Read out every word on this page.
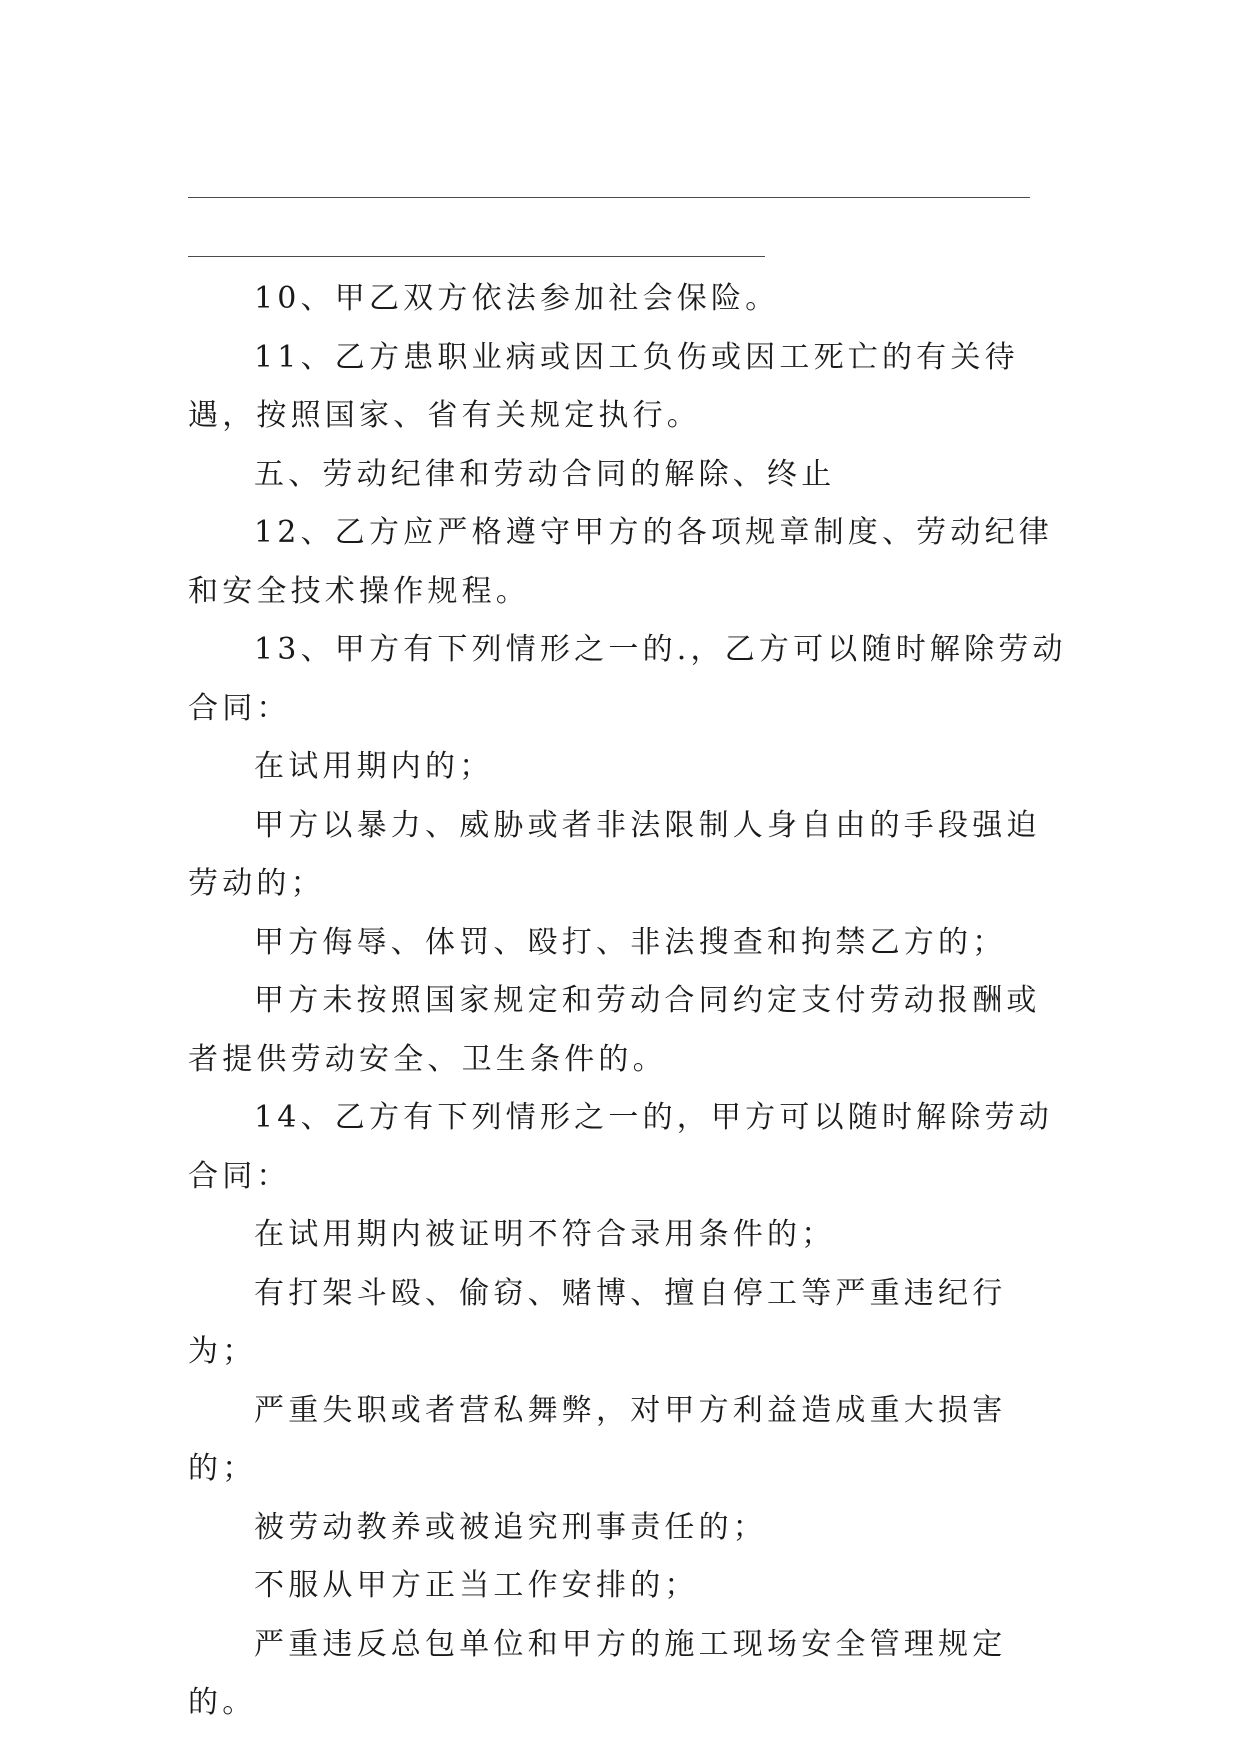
10、甲乙双方依法参加社会保险。

11、乙方患职业病或因工负伤或因工死亡的有关待遇，按照国家、省有关规定执行。

五、劳动纪律和劳动合同的解除、终止

12、乙方应严格遵守甲方的各项规章制度、劳动纪律和安全技术操作规程。

13、甲方有下列情形之一的.，乙方可以随时解除劳动合同：

在试用期内的；

甲方以暴力、威胁或者非法限制人身自由的手段强迫劳动的；

甲方侮辱、体罚、殴打、非法搜查和拘禁乙方的；

甲方未按照国家规定和劳动合同约定支付劳动报酬或者提供劳动安全、卫生条件的。

14、乙方有下列情形之一的，甲方可以随时解除劳动合同：

在试用期内被证明不符合录用条件的；

有打架斗殴、偷窃、赌博、擅自停工等严重违纪行为；

严重失职或者营私舞弊，对甲方利益造成重大损害的；

被劳动教养或被追究刑事责任的；

不服从甲方正当工作安排的；

严重违反总包单位和甲方的施工现场安全管理规定的。
